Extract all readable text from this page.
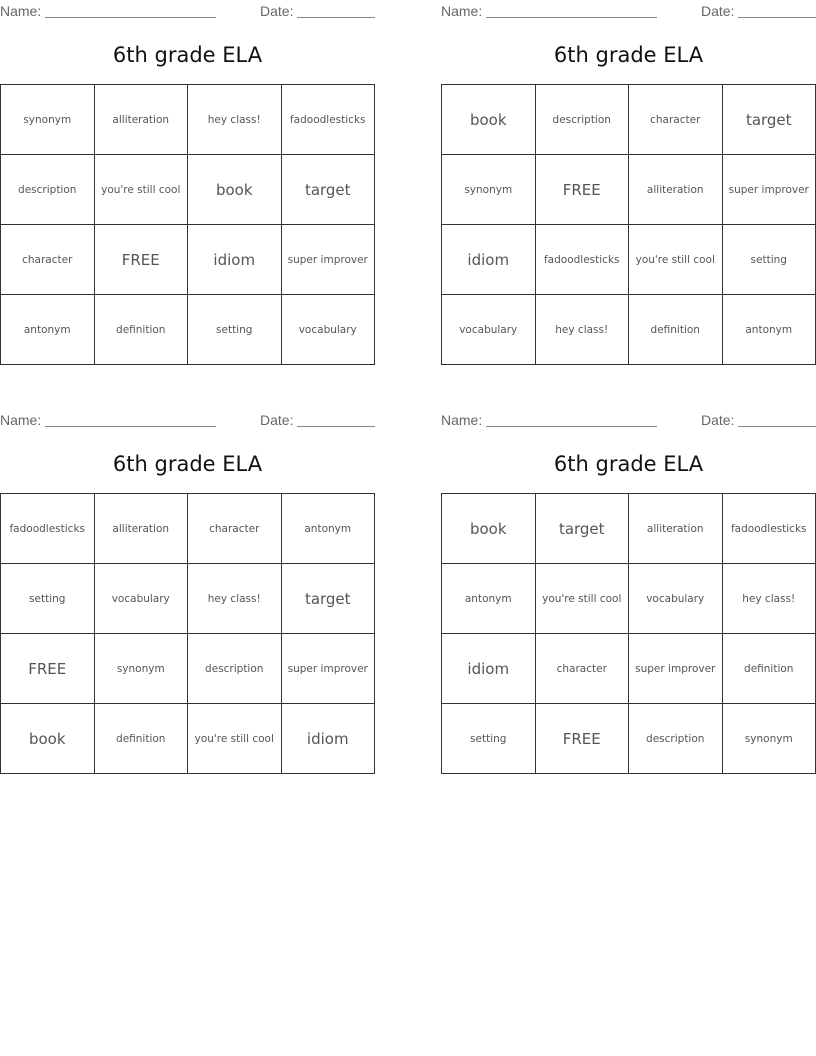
Name:	Date:
6th grade ELA
synonym	alliteration	hey class!	fadoodlesticks
description	you're still cool	book	target
character	FREE	idiom	super improver
antonym	definition	setting	vocabulary
Name:	Date:
6th grade ELA
book	description	character	target
synonym	FREE	alliteration	super improver
idiom	fadoodlesticks	you're still cool	setting
vocabulary	hey class!	definition	antonym
Name:	Date:
6th grade ELA
fadoodlesticks	alliteration	character	antonym
setting	vocabulary	hey class!	target
FREE	synonym	description	super improver
book	definition	you're still cool	idiom
Name:	Date:
6th grade ELA
book	target	alliteration	fadoodlesticks
antonym	you're still cool	vocabulary	hey class!
idiom	character	super improver	definition
setting	FREE	description	synonym
